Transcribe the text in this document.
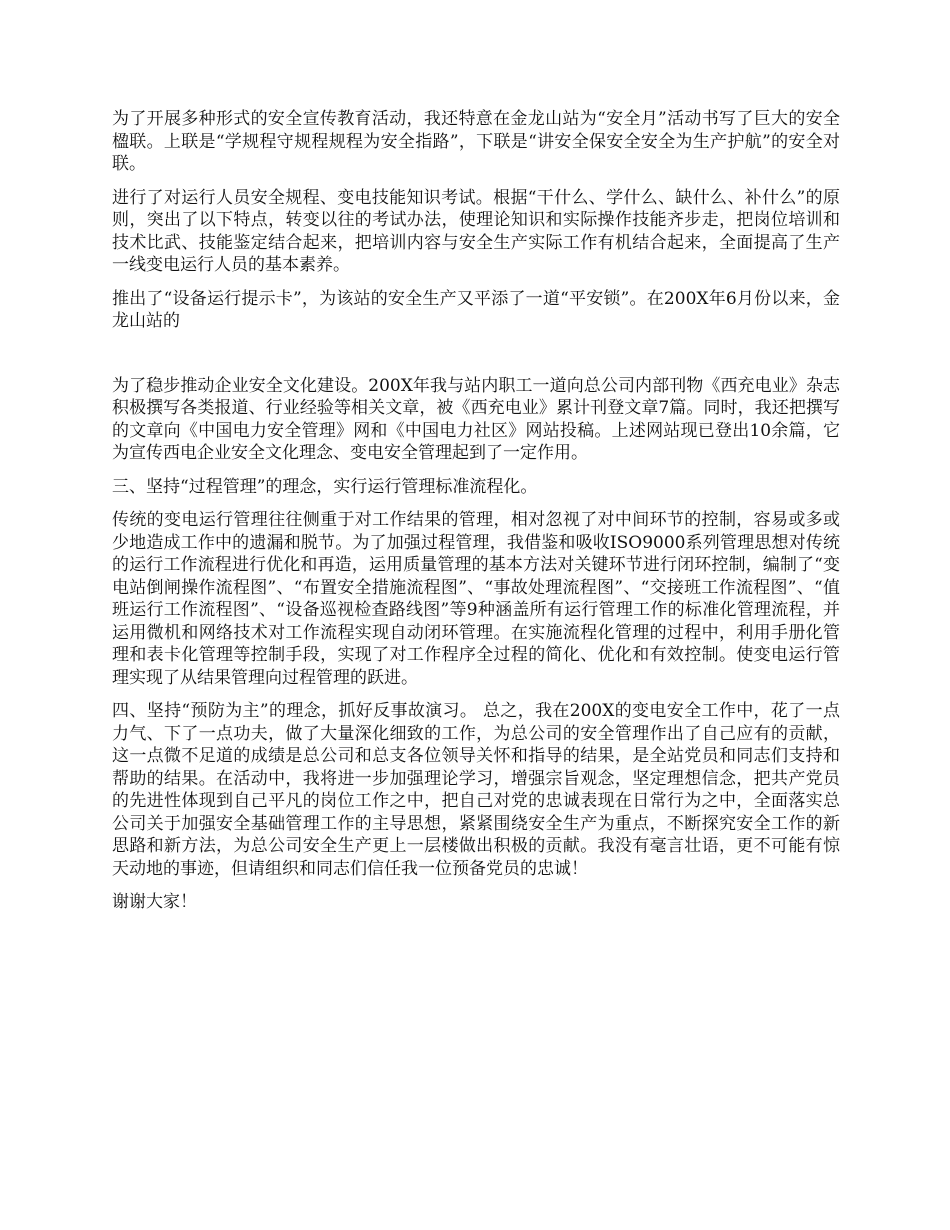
为了开展多种形式的安全宣传教育活动，我还特意在金龙山站为“安全月”活动书写了巨大的安全楹联。上联是“学规程守规程规程为安全指路”，下联是“讲安全保安全安全为生产护航”的安全对联。

进行了对运行人员安全规程、变电技能知识考试。根据“干什么、学什么、缺什么、补什么”的原则，突出了以下特点，转变以往的考试办法，使理论知识和实际操作技能齐步走，把岗位培训和技术比武、技能鉴定结合起来，把培训内容与安全生产实际工作有机结合起来，全面提高了生产一线变电运行人员的基本素养。

推出了“设备运行提示卡”，为该站的安全生产又平添了一道“平安锁”。在200X年6月份以来，金龙山站的

为了稳步推动企业安全文化建设。200X年我与站内职工一道向总公司内部刊物《西充电业》杂志积极撰写各类报道、行业经验等相关文章，被《西充电业》累计刊登文章7篇。同时，我还把撰写的文章向《中国电力安全管理》网和《中国电力社区》网站投稿。上述网站现已登出10余篇，它为宣传西电企业安全文化理念、变电安全管理起到了一定作用。

三、坚持“过程管理”的理念，实行运行管理标准流程化。

传统的变电运行管理往往侧重于对工作结果的管理，相对忽视了对中间环节的控制，容易或多或少地造成工作中的遗漏和脱节。为了加强过程管理，我借鉴和吸收ISO9000系列管理思想对传统的运行工作流程进行优化和再造，运用质量管理的基本方法对关键环节进行闭环控制，编制了“变电站倒闸操作流程图”、“布置安全措施流程图”、“事故处理流程图”、“交接班工作流程图”、“值班运行工作流程图”、“设备巡视检查路线图”等9种涵盖所有运行管理工作的标准化管理流程，并运用微机和网络技术对工作流程实现自动闭环管理。在实施流程化管理的过程中，利用手册化管理和表卡化管理等控制手段，实现了对工作程序全过程的简化、优化和有效控制。使变电运行管理实现了从结果管理向过程管理的跃进。

四、坚持“预防为主”的理念，抓好反事故演习。 总之，我在200X的变电安全工作中，花了一点力气、下了一点功夫，做了大量深化细致的工作，为总公司的安全管理作出了自己应有的贡献，这一点微不足道的成绩是总公司和总支各位领导关怀和指导的结果，是全站党员和同志们支持和帮助的结果。在活动中，我将进一步加强理论学习，增强宗旨观念，坚定理想信念，把共产党员的先进性体现到自己平凡的岗位工作之中，把自己对党的忠诚表现在日常行为之中，全面落实总公司关于加强安全基础管理工作的主导思想，紧紧围绕安全生产为重点，不断探究安全工作的新思路和新方法，为总公司安全生产更上一层楼做出积极的贡献。我没有毫言壮语，更不可能有惊天动地的事迹，但请组织和同志们信任我一位预备党员的忠诚！

谢谢大家！
